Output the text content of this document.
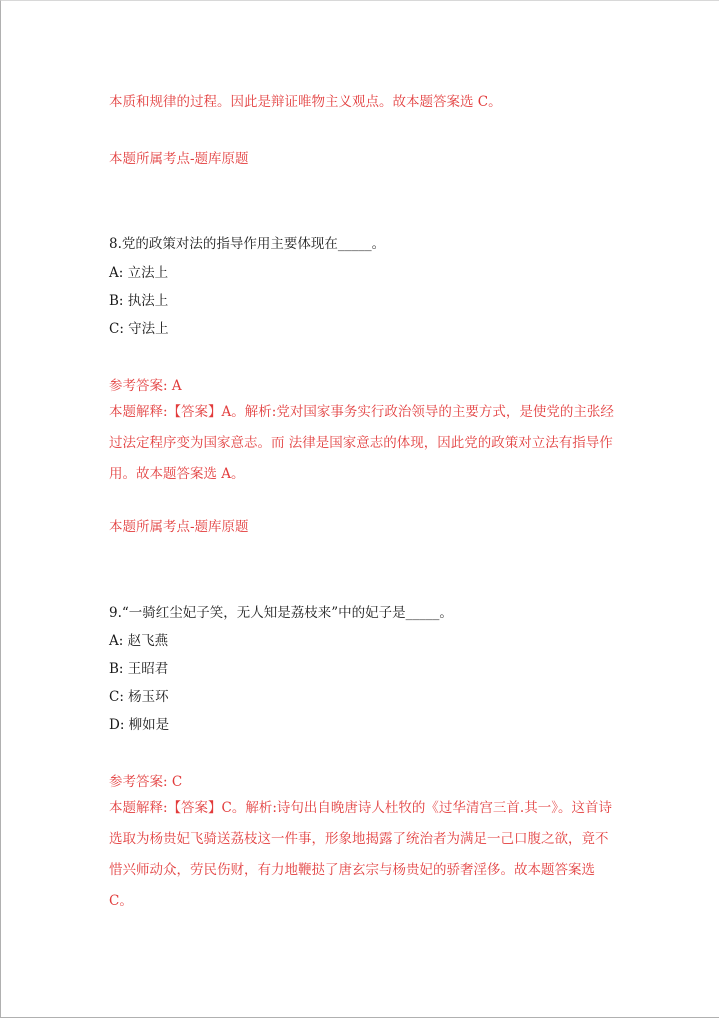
本质和规律的过程。因此是辩证唯物主义观点。故本题答案选 C。
本题所属考点-题库原题
8.党的政策对法的指导作用主要体现在_____。
A: 立法上
B: 执法上
C: 守法上
参考答案: A
本题解释:【答案】A。解析:党对国家事务实行政治领导的主要方式，是使党的主张经过法定程序变为国家意志。而 法律是国家意志的体现，因此党的政策对立法有指导作用。故本题答案选 A。
本题所属考点-题库原题
9.“一骑红尘妃子笑，无人知是荔枝来”中的妃子是_____。
A: 赵飞燕
B: 王昭君
C: 杨玉环
D: 柳如是
参考答案: C
本题解释:【答案】C。解析:诗句出自晚唐诗人杜牧的《过华清宫三首.其一》。这首诗选取为杨贵妃飞骑送荔枝这一件事，形象地揭露了统治者为满足一己口腹之欲，竟不惜兴师动众，劳民伤财，有力地鞭挞了唐玄宗与杨贵妃的骄奢淫侈。故本题答案选 C。
